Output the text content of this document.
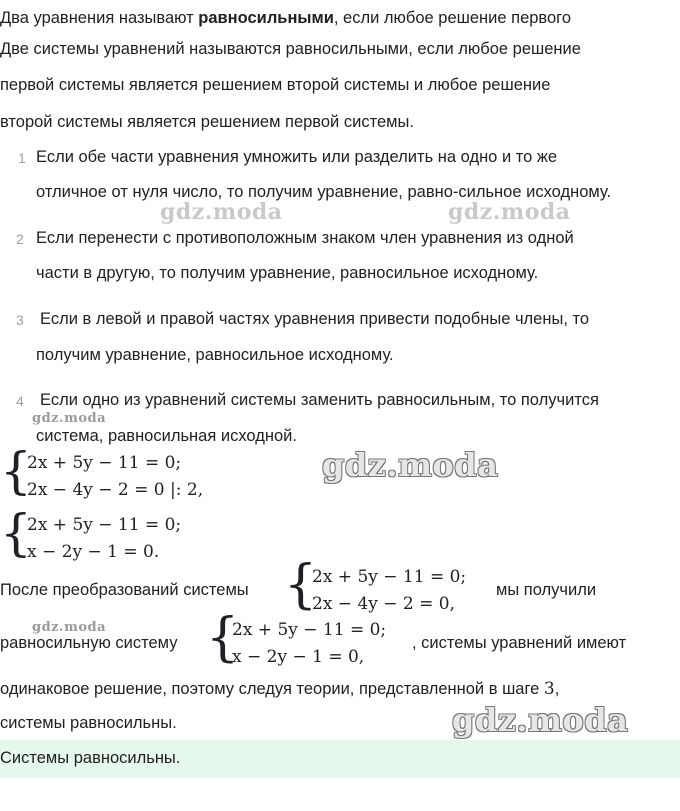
Два уравнения называют равносильными, если любое решение первого
Две системы уравнений называются равносильными, если любое решение
первой системы является решением второй системы и любое решение
второй системы является решением первой системы.
1 Если обе части уравнения умножить или разделить на одно и то же
отличное от нуля число, то получим уравнение, равно-сильное исходному.
2 Если перенести с противоположным знаком член уравнения из одной
части в другую, то получим уравнение, равносильное исходному.
3 Если в левой и правой частях уравнения привести подобные члены, то
получим уравнение, равносильное исходному.
4 Если одно из уравнений системы заменить равносильным, то получится
система, равносильная исходной.
{
2x + 5y − 11 = 0;
2x − 4y − 2 = 0 |: 2,
{
2x + 5y − 11 = 0;
x − 2y − 1 = 0.
После преобразований системы {
2x + 5y − 11 = 0;
2x − 4y − 2 = 0,
мы получили
равносильную систему {
2x + 5y − 11 = 0;
x − 2y − 1 = 0,
, системы уравнений имеют
одинаковое решение, поэтому следуя теории, представленной в шаге 3,
системы равносильны.
Системы равносильны.
gdz.moda	gdz.moda
gdz.moda
gdz.moda
gdz.moda
gdz.moda
